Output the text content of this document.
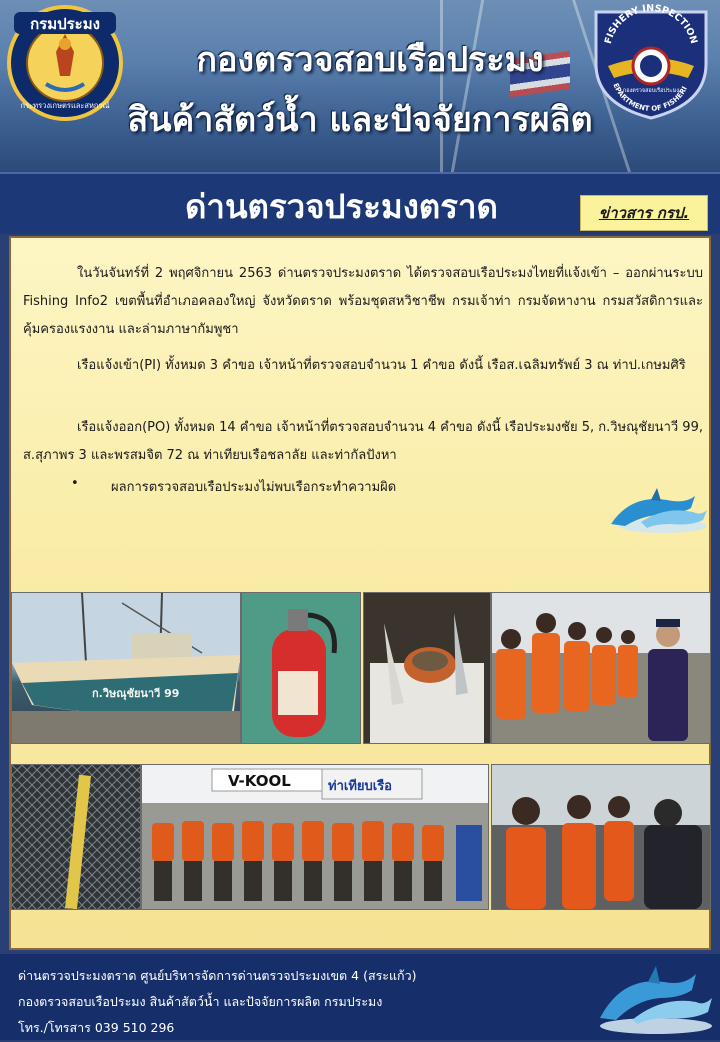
กรมประมง
กระทรวงเกษตรและสหกรณ์
กองตรวจสอบเรือประมง
สินค้าสัตว์น้ำ และปัจจัยการผลิต
FISHERY INSPECTION
กองตรวจสอบเรือประมง
EPARTMENT OF FISHERI
ด่านตรวจประมงตราด	ข่าวสาร กรป.
ในวันจันทร์ที่ 2 พฤศจิกายน 2563 ด่านตรวจประมงตราด ได้ตรวจสอบเรือประมงไทยที่แจ้งเข้า – ออกผ่านระบบ Fishing Info2 เขตพื้นที่อำเภอคลองใหญ่ จังหวัดตราด พร้อมชุดสหวิชาชีพ กรมเจ้าท่า กรมจัดหางาน กรมสวัสดิการและคุ้มครองแรงงาน และล่ามภาษากัมพูชา
เรือแจ้งเข้า(PI) ทั้งหมด 3 คำขอ เจ้าหน้าที่ตรวจสอบจำนวน 1 คำขอ ดังนี้ เรือส.เฉลิมทรัพย์ 3 ณ ท่าป.เกษมศิริ
เรือแจ้งออก(PO) ทั้งหมด 14 คำขอ เจ้าหน้าที่ตรวจสอบจำนวน 4 คำขอ ดังนี้ เรือประมงชัย 5, ก.วิษณุชัยนาวี 99, ส.สุภาพร 3 และพรสมจิต 72 ณ ท่าเทียบเรือชลาลัย และท่ากัลปังหา
•	ผลการตรวจสอบเรือประมงไม่พบเรือกระทำความผิด
ก.วิษณุชัยนาวี 99
V-KOOL	ท่าเทียบเรือ
ด่านตรวจประมงตราด ศูนย์บริหารจัดการด่านตรวจประมงเขต 4 (สระแก้ว)
กองตรวจสอบเรือประมง สินค้าสัตว์น้ำ และปัจจัยการผลิต กรมประมง
โทร./โทรสาร 039 510 296
